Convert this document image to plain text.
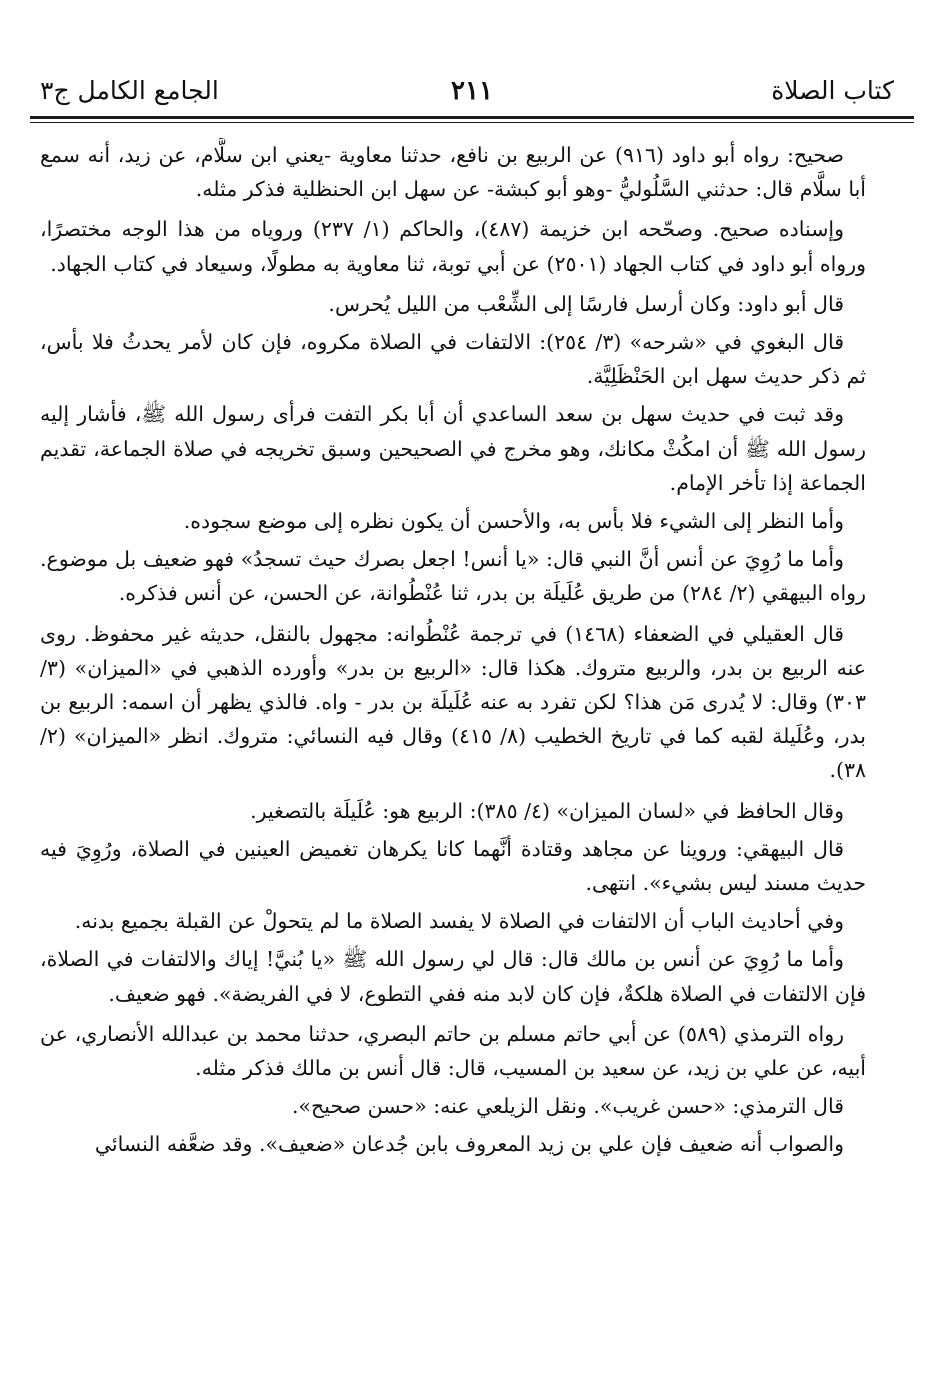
كتاب الصلاة
٢١١
الجامع الكامل ج٣

صحيح: رواه أبو داود (٩١٦) عن الربيع بن نافع، حدثنا معاوية -يعني ابن سلَّام، عن زيد، أنه سمع أبا سلَّام قال: حدثني السَّلُوليُّ -وهو أبو كبشة- عن سهل ابن الحنظلية فذكر مثله.

وإسناده صحيح. وصحّحه ابن خزيمة (٤٨٧)، والحاكم (١/ ٢٣٧) وروياه من هذا الوجه مختصرًا، ورواه أبو داود في كتاب الجهاد (٢٥٠١) عن أبي توبة، ثنا معاوية به مطولًا، وسيعاد في كتاب الجهاد.

قال أبو داود: وكان أرسل فارسًا إلى الشِّعْب من الليل يُحرس.

قال البغوي في «شرحه» (٣/ ٢٥٤): الالتفات في الصلاة مكروه، فإن كان لأمر يحدثُ فلا بأس، ثم ذكر حديث سهل ابن الحَنْظَلِيَّة.

وقد ثبت في حديث سهل بن سعد الساعدي أن أبا بكر التفت فرأى رسول الله ﷺ، فأشار إليه رسول الله ﷺ أن امكُثْ مكانك، وهو مخرج في الصحيحين وسبق تخريجه في صلاة الجماعة، تقديم الجماعة إذا تأخر الإمام.

وأما النظر إلى الشيء فلا بأس به، والأحسن أن يكون نظره إلى موضع سجوده.

وأما ما رُوِيَ عن أنس أنَّ النبي قال: «يا أنس! اجعل بصرك حيث تسجدُ» فهو ضعيف بل موضوع. رواه البيهقي (٢/ ٢٨٤) من طريق عُلَيلَة بن بدر، ثنا عُنْطُوانة، عن الحسن، عن أنس فذكره.

قال العقيلي في الضعفاء (١٤٦٨) في ترجمة عُنْطُوانه: مجهول بالنقل، حديثه غير محفوظ. روى عنه الربيع بن بدر، والربيع متروك. هكذا قال: «الربيع بن بدر» وأورده الذهبي في «الميزان» (٣/ ٣٠٣) وقال: لا يُدرى مَن هذا؟ لكن تفرد به عنه عُلَيلَة بن بدر - واه. فالذي يظهر أن اسمه: الربيع بن بدر، وعُلَيلة لقبه كما في تاريخ الخطيب (٨/ ٤١٥) وقال فيه النسائي: متروك. انظر «الميزان» (٢/ ٣٨).

وقال الحافظ في «لسان الميزان» (٤/ ٣٨٥): الربيع هو: عُلَيلَة بالتصغير.

قال البيهقي: وروينا عن مجاهد وقتادة أنَّهما كانا يكرهان تغميض العينين في الصلاة، ورُوِيَ فيه حديث مسند ليس بشيء». انتهى.

وفي أحاديث الباب أن الالتفات في الصلاة لا يفسد الصلاة ما لم يتحولْ عن القبلة بجميع بدنه.

وأما ما رُوِيَ عن أنس بن مالك قال: قال لي رسول الله ﷺ «يا بُنيَّ! إياك والالتفات في الصلاة، فإن الالتفات في الصلاة هلكةٌ، فإن كان لابد منه ففي التطوع، لا في الفريضة». فهو ضعيف.

رواه الترمذي (٥٨٩) عن أبي حاتم مسلم بن حاتم البصري، حدثنا محمد بن عبدالله الأنصاري، عن أبيه، عن علي بن زيد، عن سعيد بن المسيب، قال: قال أنس بن مالك فذكر مثله.

قال الترمذي: «حسن غريب». ونقل الزيلعي عنه: «حسن صحيح».

والصواب أنه ضعيف فإن علي بن زيد المعروف بابن جُدعان «ضعيف». وقد ضعَّفه النسائي
